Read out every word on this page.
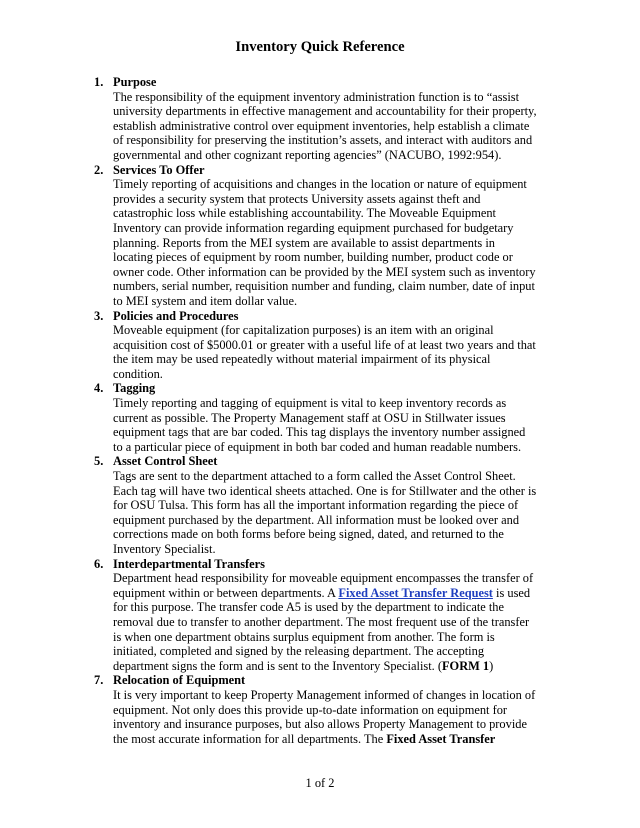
Inventory Quick Reference
1. Purpose
The responsibility of the equipment inventory administration function is to “assist
university departments in effective management and accountability for their property,
establish administrative control over equipment inventories, help establish a climate
of responsibility for preserving the institution’s assets, and interact with auditors and
governmental and other cognizant reporting agencies” (NACUBO, 1992:954).
2. Services To Offer
Timely reporting of acquisitions and changes in the location or nature of equipment
provides a security system that protects University assets against theft and
catastrophic loss while establishing accountability. The Moveable Equipment
Inventory can provide information regarding equipment purchased for budgetary
planning. Reports from the MEI system are available to assist departments in
locating pieces of equipment by room number, building number, product code or
owner code. Other information can be provided by the MEI system such as inventory
numbers, serial number, requisition number and funding, claim number, date of input
to MEI system and item dollar value.
3. Policies and Procedures
Moveable equipment (for capitalization purposes) is an item with an original
acquisition cost of $5000.01 or greater with a useful life of at least two years and that
the item may be used repeatedly without material impairment of its physical
condition.
4. Tagging
Timely reporting and tagging of equipment is vital to keep inventory records as
current as possible. The Property Management staff at OSU in Stillwater issues
equipment tags that are bar coded. This tag displays the inventory number assigned
to a particular piece of equipment in both bar coded and human readable numbers.
5. Asset Control Sheet
Tags are sent to the department attached to a form called the Asset Control Sheet.
Each tag will have two identical sheets attached. One is for Stillwater and the other is
for OSU Tulsa. This form has all the important information regarding the piece of
equipment purchased by the department. All information must be looked over and
corrections made on both forms before being signed, dated, and returned to the
Inventory Specialist.
6. Interdepartmental Transfers
Department head responsibility for moveable equipment encompasses the transfer of
equipment within or between departments. A Fixed Asset Transfer Request is used
for this purpose. The transfer code A5 is used by the department to indicate the
removal due to transfer to another department. The most frequent use of the transfer
is when one department obtains surplus equipment from another. The form is
initiated, completed and signed by the releasing department. The accepting
department signs the form and is sent to the Inventory Specialist. (FORM 1)
7. Relocation of Equipment
It is very important to keep Property Management informed of changes in location of
equipment. Not only does this provide up-to-date information on equipment for
inventory and insurance purposes, but also allows Property Management to provide
the most accurate information for all departments. The Fixed Asset Transfer
1 of 2
